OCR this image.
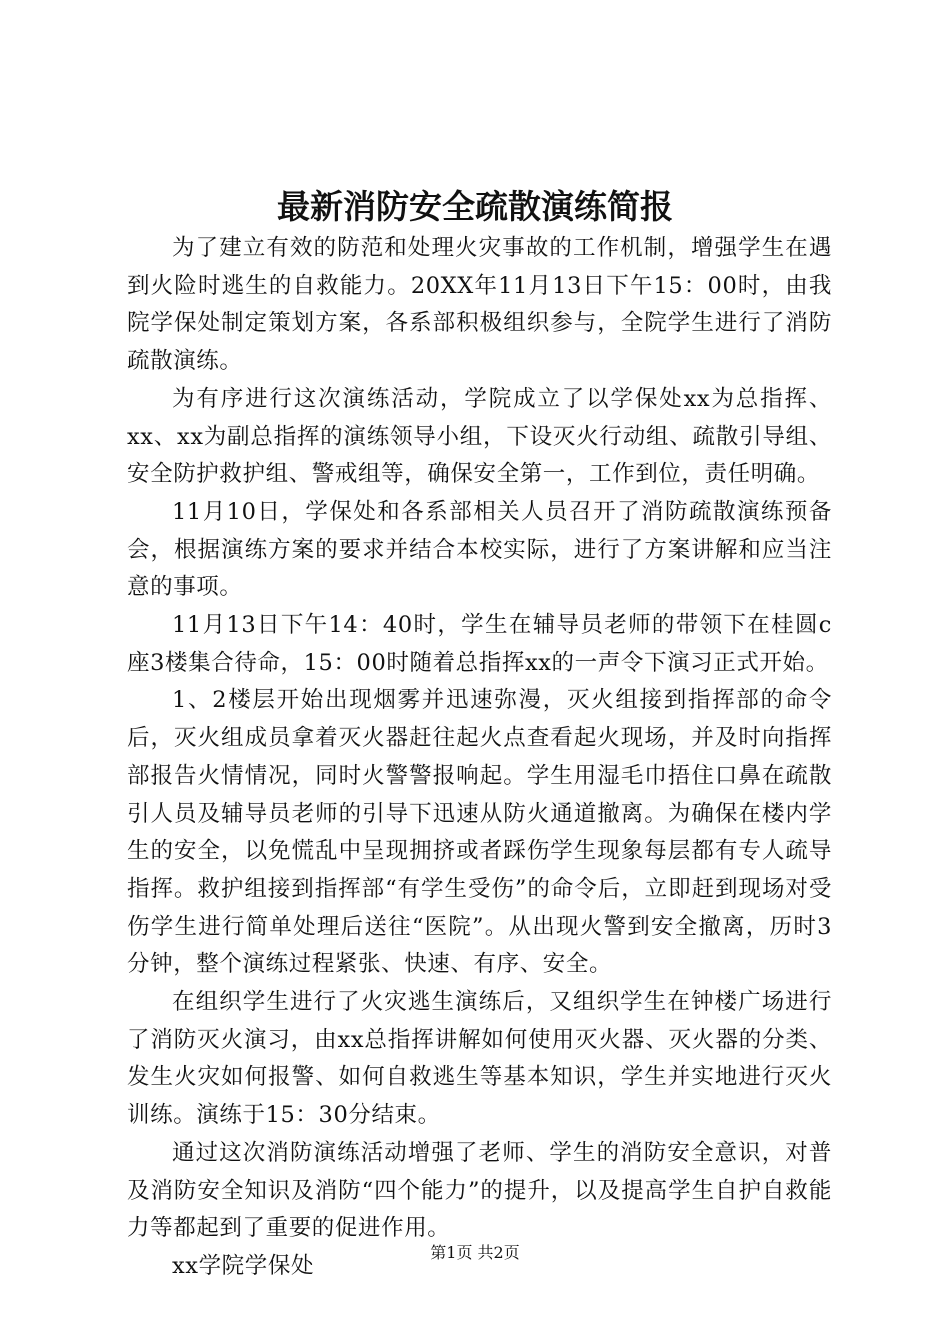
最新消防安全疏散演练简报

为了建立有效的防范和处理火灾事故的工作机制，增强学生在遇到火险时逃生的自救能力。20XX年11月13日下午15：00时，由我院学保处制定策划方案，各系部积极组织参与，全院学生进行了消防疏散演练。

为有序进行这次演练活动，学院成立了以学保处xx为总指挥、xx、xx为副总指挥的演练领导小组，下设灭火行动组、疏散引导组、安全防护救护组、警戒组等，确保安全第一，工作到位，责任明确。

11月10日，学保处和各系部相关人员召开了消防疏散演练预备会，根据演练方案的要求并结合本校实际，进行了方案讲解和应当注意的事项。

11月13日下午14：40时，学生在辅导员老师的带领下在桂圆c座3楼集合待命，15：00时随着总指挥xx的一声令下演习正式开始。

1、2楼层开始出现烟雾并迅速弥漫，灭火组接到指挥部的命令后，灭火组成员拿着灭火器赶往起火点查看起火现场，并及时向指挥部报告火情情况，同时火警警报响起。学生用湿毛巾捂住口鼻在疏散引人员及辅导员老师的引导下迅速从防火通道撤离。为确保在楼内学生的安全，以免慌乱中呈现拥挤或者踩伤学生现象每层都有专人疏导指挥。救护组接到指挥部“有学生受伤”的命令后，立即赶到现场对受伤学生进行简单处理后送往“医院”。从出现火警到安全撤离，历时3分钟，整个演练过程紧张、快速、有序、安全。

在组织学生进行了火灾逃生演练后，又组织学生在钟楼广场进行了消防灭火演习，由xx总指挥讲解如何使用灭火器、灭火器的分类、发生火灾如何报警、如何自救逃生等基本知识，学生并实地进行灭火训练。演练于15：30分结束。

通过这次消防演练活动增强了老师、学生的消防安全意识，对普及消防安全知识及消防“四个能力”的提升，以及提高学生自护自救能力等都起到了重要的促进作用。

xx学院学保处

第1页 共2页
